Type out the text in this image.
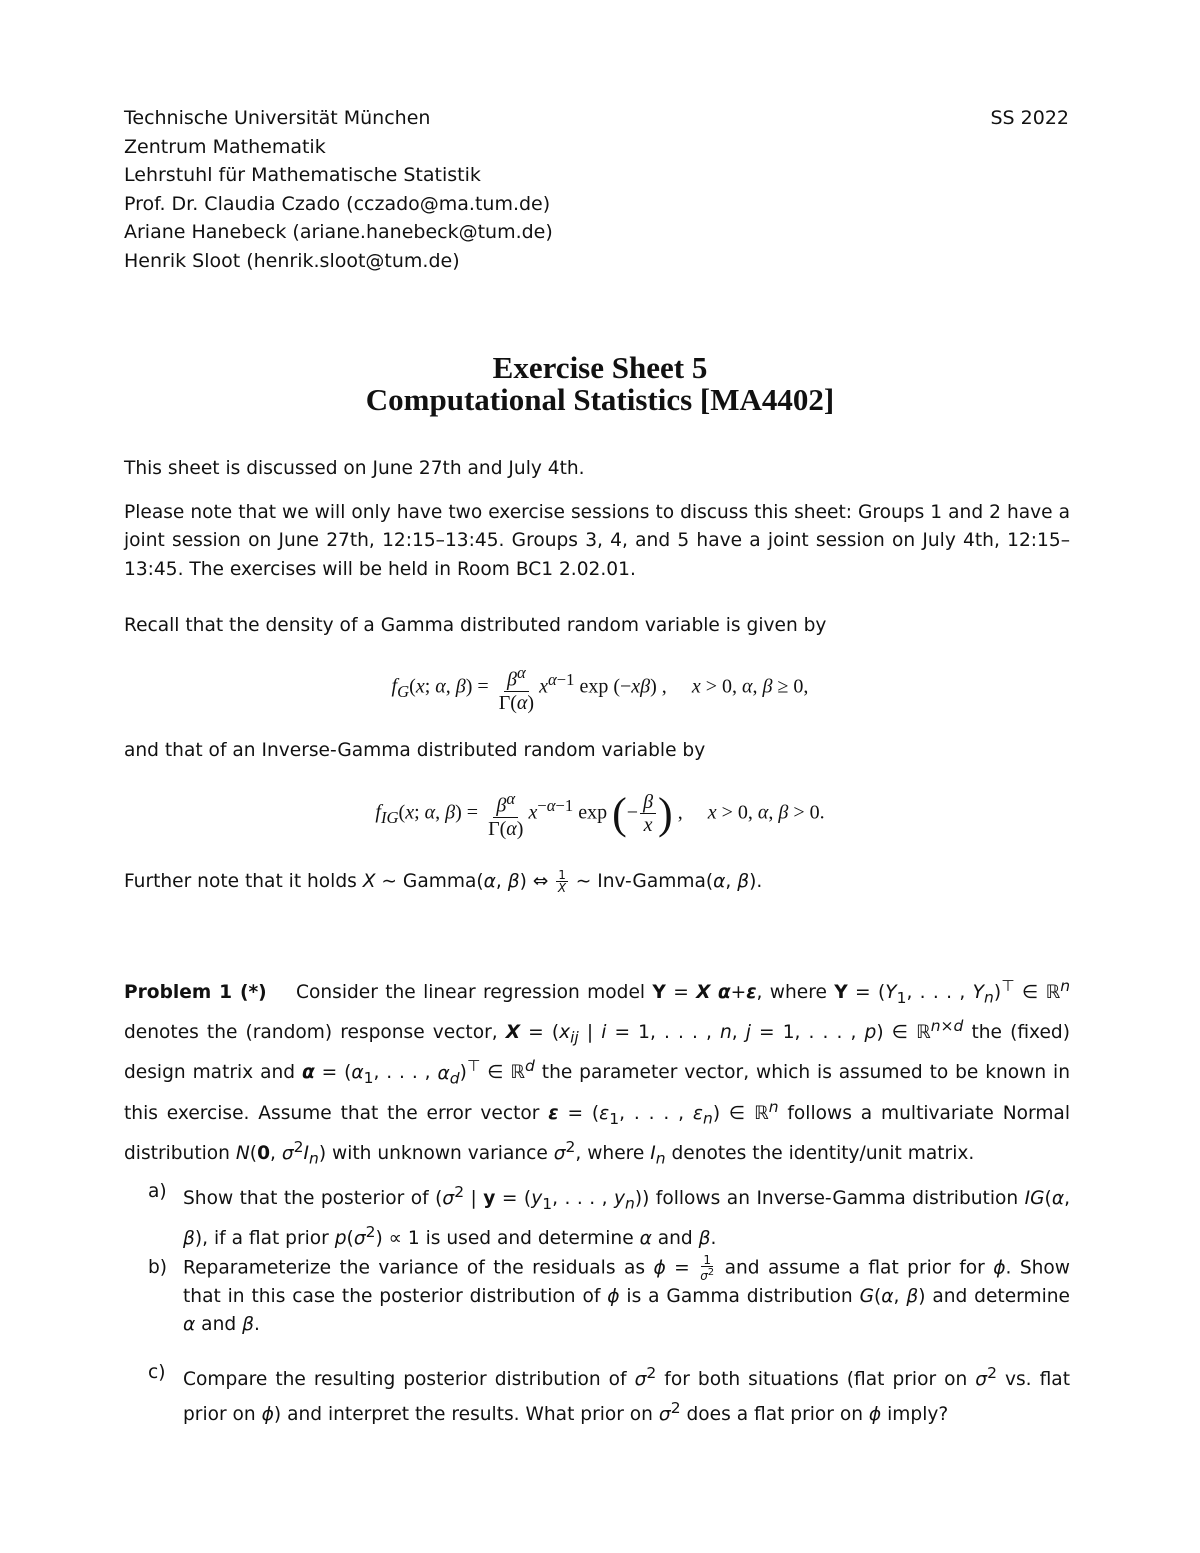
Technische Universität München
Zentrum Mathematik
Lehrstuhl für Mathematische Statistik
Prof. Dr. Claudia Czado (cczado@ma.tum.de)
Ariane Hanebeck (ariane.hanebeck@tum.de)
Henrik Sloot (henrik.sloot@tum.de)
SS 2022
Exercise Sheet 5
Computational Statistics [MA4402]
This sheet is discussed on June 27th and July 4th.
Please note that we will only have two exercise sessions to discuss this sheet: Groups 1 and 2 have a joint session on June 27th, 12:15–13:45. Groups 3, 4, and 5 have a joint session on July 4th, 12:15–13:45. The exercises will be held in Room BC1 2.02.01.
Recall that the density of a Gamma distributed random variable is given by
$f_G(x$; α, $\beta) = \frac{\beta^\alpha}{\Gamma(\alpha)} x^{\alpha-1}$ exp (−xβ) ,     x > 0, α, β ≥ 0,
and that of an Inverse-Gamma distributed random variable by
$f_{IG}(x$; α, $\beta) = \frac{\beta^\alpha}{\Gamma(\alpha)} x^{-\alpha-1}$ exp (− $\frac{\beta}{x}$ ) ,     x > 0, α, β > 0.
Further note that it holds X ∼ Gamma(α, β) ⇔ $\frac{1}{X}$ ∼ Inv-Gamma(α, β).
Problem 1 (*)    Consider the linear regression model Y = X α+ε, where $Y = (Y_1$, . . . , $Y_n)^⊤$ ∈ ℝ$^n$ denotes the (random) response vector, $X = (x_{ij}$ | i = 1, . . . , n, j = 1, . . . , p) ∈ ℝ$^{n\times d}$ the (fixed) design matrix and $\alpha = (\alpha_1$, . . . , $\alpha_d)^⊤$ ∈ ℝ$^d$ the parameter vector, which is assumed to be known in this exercise. Assume that the error vector $\varepsilon = (\varepsilon_1$, . . . , $\varepsilon_n$) ∈ ℝ$^n$ follows a multivariate Normal distribution N(0, $\sigma^2I_n$) with unknown variance $\sigma^2$, where $I_n$ denotes the identity/unit matrix.
a) Show that the posterior of ($\sigma^2$ | $y = (y_1$, . . . , $y_n$)) follows an Inverse-Gamma distribution IG(α, β), if a flat prior $p(\sigma^2) \propto 1$ is used and determine α and β.
b) Reparameterize the variance of the residuals as $\phi = \frac{1}{\sigma^2}$ and assume a flat prior for ϕ. Show that in this case the posterior distribution of ϕ is a Gamma distribution G(α, β) and determine α and β.
c) Compare the resulting posterior distribution of $\sigma^2$ for both situations (flat prior on $\sigma^2$ vs. flat prior on ϕ) and interpret the results. What prior on $\sigma^2$ does a flat prior on ϕ imply?
